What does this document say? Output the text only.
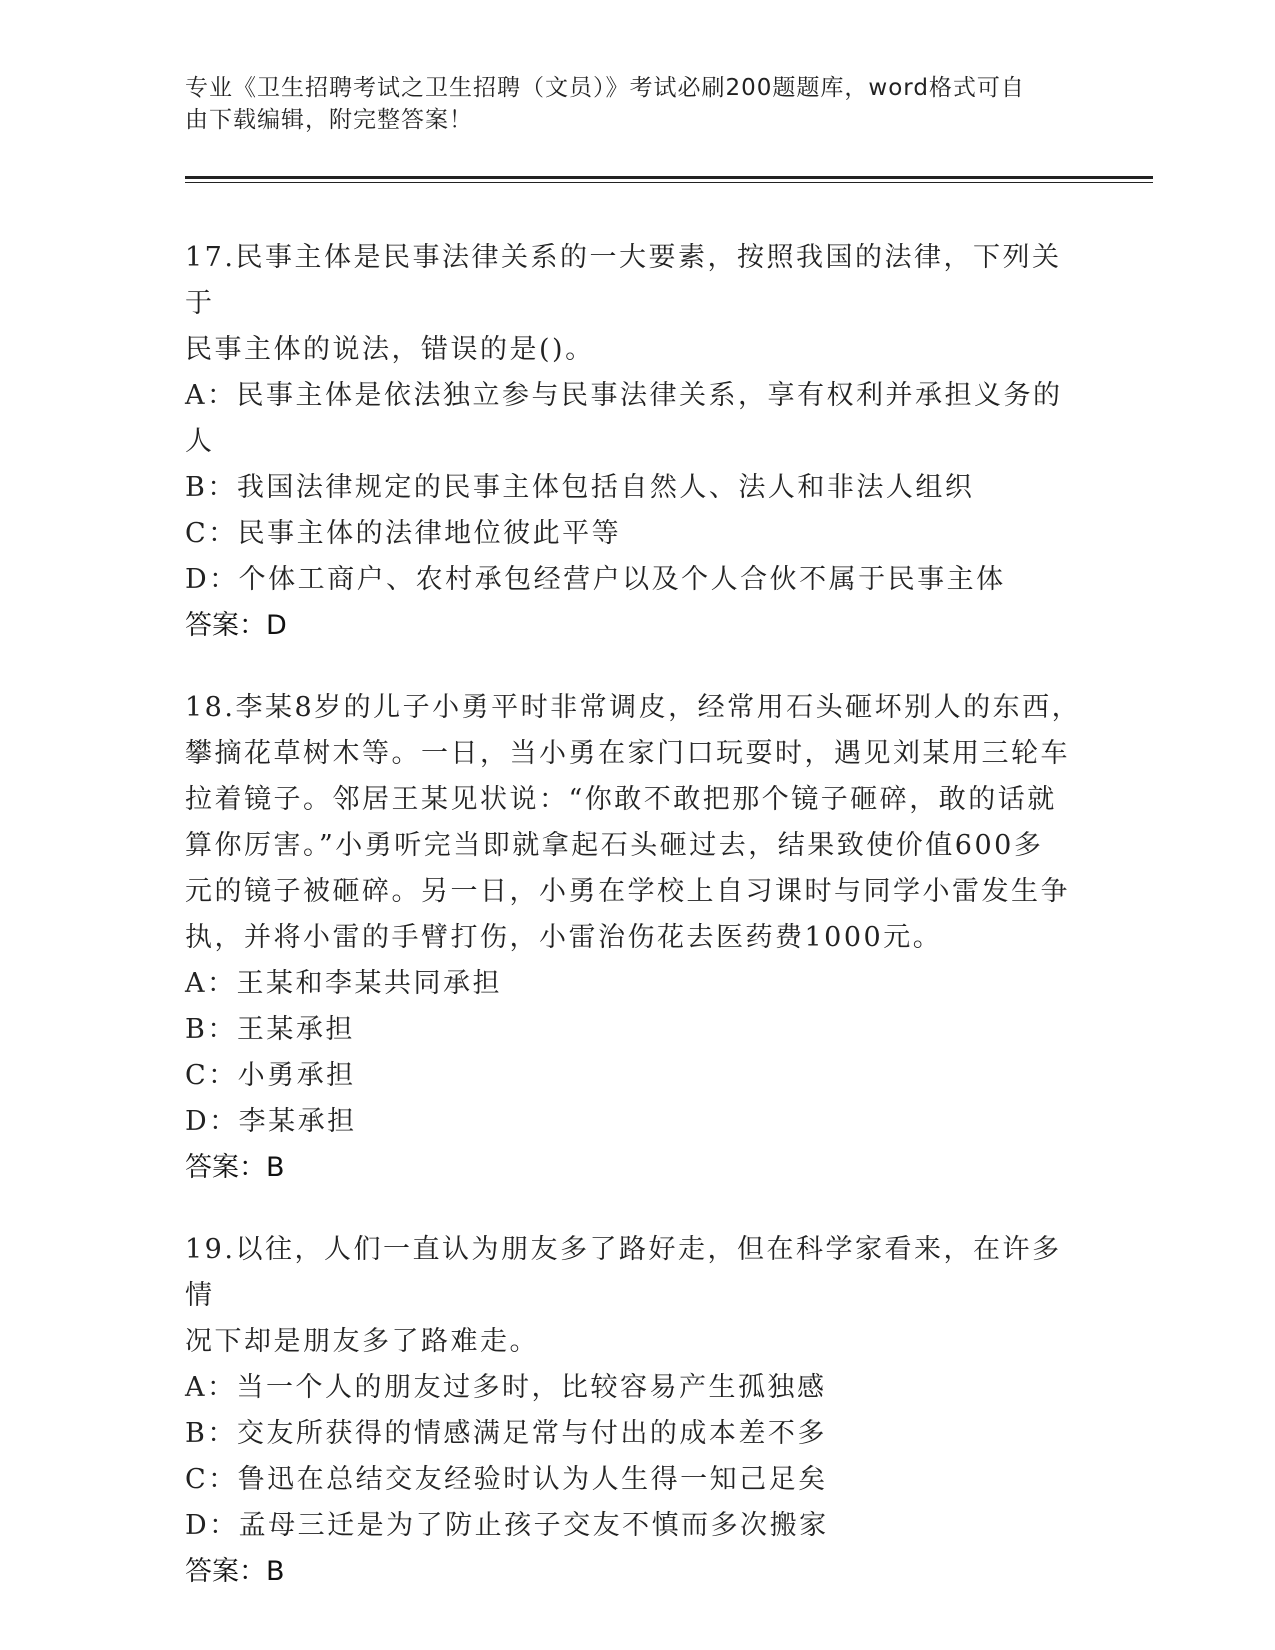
专业《卫生招聘考试之卫生招聘（文员）》考试必刷200题题库，word格式可自
由下载编辑，附完整答案！
17.民事主体是民事法律关系的一大要素，按照我国的法律，下列关于
民事主体的说法，错误的是()。
A：民事主体是依法独立参与民事法律关系，享有权利并承担义务的人
B：我国法律规定的民事主体包括自然人、法人和非法人组织
C：民事主体的法律地位彼此平等
D：个体工商户、农村承包经营户以及个人合伙不属于民事主体
答案：D
18.李某8岁的儿子小勇平时非常调皮，经常用石头砸坏别人的东西，
攀摘花草树木等。一日，当小勇在家门口玩耍时，遇见刘某用三轮车
拉着镜子。邻居王某见状说：“你敢不敢把那个镜子砸碎，敢的话就
算你厉害。”小勇听完当即就拿起石头砸过去，结果致使价值600多
元的镜子被砸碎。另一日，小勇在学校上自习课时与同学小雷发生争
执，并将小雷的手臂打伤，小雷治伤花去医药费1000元。
A：王某和李某共同承担
B：王某承担
C：小勇承担
D：李某承担
答案：B
19.以往，人们一直认为朋友多了路好走，但在科学家看来，在许多情
况下却是朋友多了路难走。
A：当一个人的朋友过多时，比较容易产生孤独感
B：交友所获得的情感满足常与付出的成本差不多
C：鲁迅在总结交友经验时认为人生得一知己足矣
D：孟母三迁是为了防止孩子交友不慎而多次搬家
答案：B
